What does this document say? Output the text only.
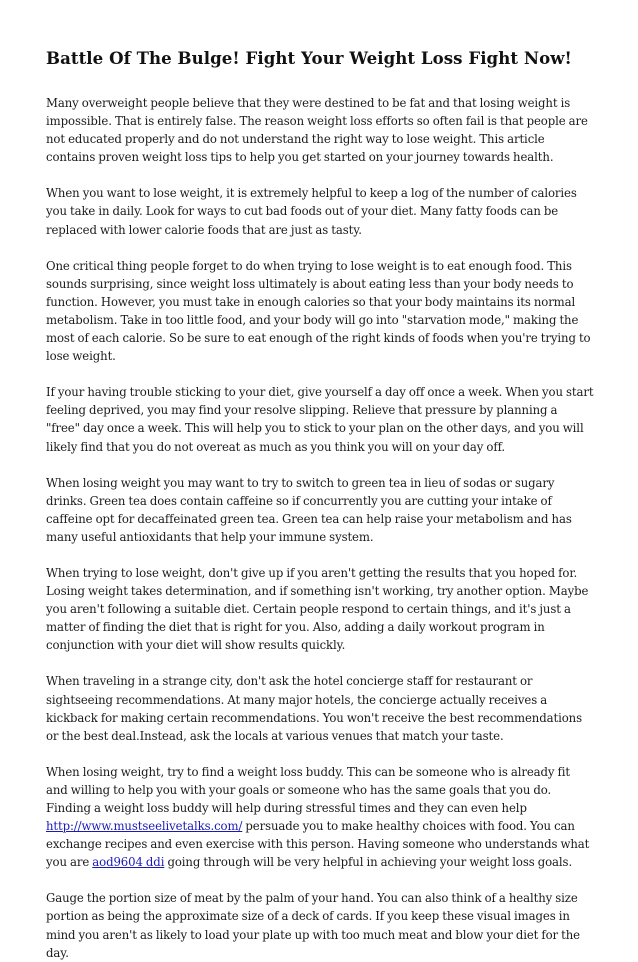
Battle Of The Bulge! Fight Your Weight Loss Fight Now!

Many overweight people believe that they were destined to be fat and that losing weight is impossible. That is entirely false. The reason weight loss efforts so often fail is that people are not educated properly and do not understand the right way to lose weight. This article contains proven weight loss tips to help you get started on your journey towards health.

When you want to lose weight, it is extremely helpful to keep a log of the number of calories you take in daily. Look for ways to cut bad foods out of your diet. Many fatty foods can be replaced with lower calorie foods that are just as tasty.

One critical thing people forget to do when trying to lose weight is to eat enough food. This sounds surprising, since weight loss ultimately is about eating less than your body needs to function. However, you must take in enough calories so that your body maintains its normal metabolism. Take in too little food, and your body will go into "starvation mode," making the most of each calorie. So be sure to eat enough of the right kinds of foods when you're trying to lose weight.

If your having trouble sticking to your diet, give yourself a day off once a week. When you start feeling deprived, you may find your resolve slipping. Relieve that pressure by planning a "free" day once a week. This will help you to stick to your plan on the other days, and you will likely find that you do not overeat as much as you think you will on your day off.

When losing weight you may want to try to switch to green tea in lieu of sodas or sugary drinks. Green tea does contain caffeine so if concurrently you are cutting your intake of caffeine opt for decaffeinated green tea. Green tea can help raise your metabolism and has many useful antioxidants that help your immune system.

When trying to lose weight, don't give up if you aren't getting the results that you hoped for. Losing weight takes determination, and if something isn't working, try another option. Maybe you aren't following a suitable diet. Certain people respond to certain things, and it's just a matter of finding the diet that is right for you. Also, adding a daily workout program in conjunction with your diet will show results quickly.

When traveling in a strange city, don't ask the hotel concierge staff for restaurant or sightseeing recommendations. At many major hotels, the concierge actually receives a kickback for making certain recommendations. You won't receive the best recommendations or the best deal.Instead, ask the locals at various venues that match your taste.

When losing weight, try to find a weight loss buddy. This can be someone who is already fit and willing to help you with your goals or someone who has the same goals that you do. Finding a weight loss buddy will help during stressful times and they can even help http://www.mustseelivetalks.com/ persuade you to make healthy choices with food. You can exchange recipes and even exercise with this person. Having someone who understands what you are aod9604 ddi going through will be very helpful in achieving your weight loss goals.

Gauge the portion size of meat by the palm of your hand. You can also think of a healthy size portion as being the approximate size of a deck of cards. If you keep these visual images in mind you aren't as likely to load your plate up with too much meat and blow your diet for the day.
